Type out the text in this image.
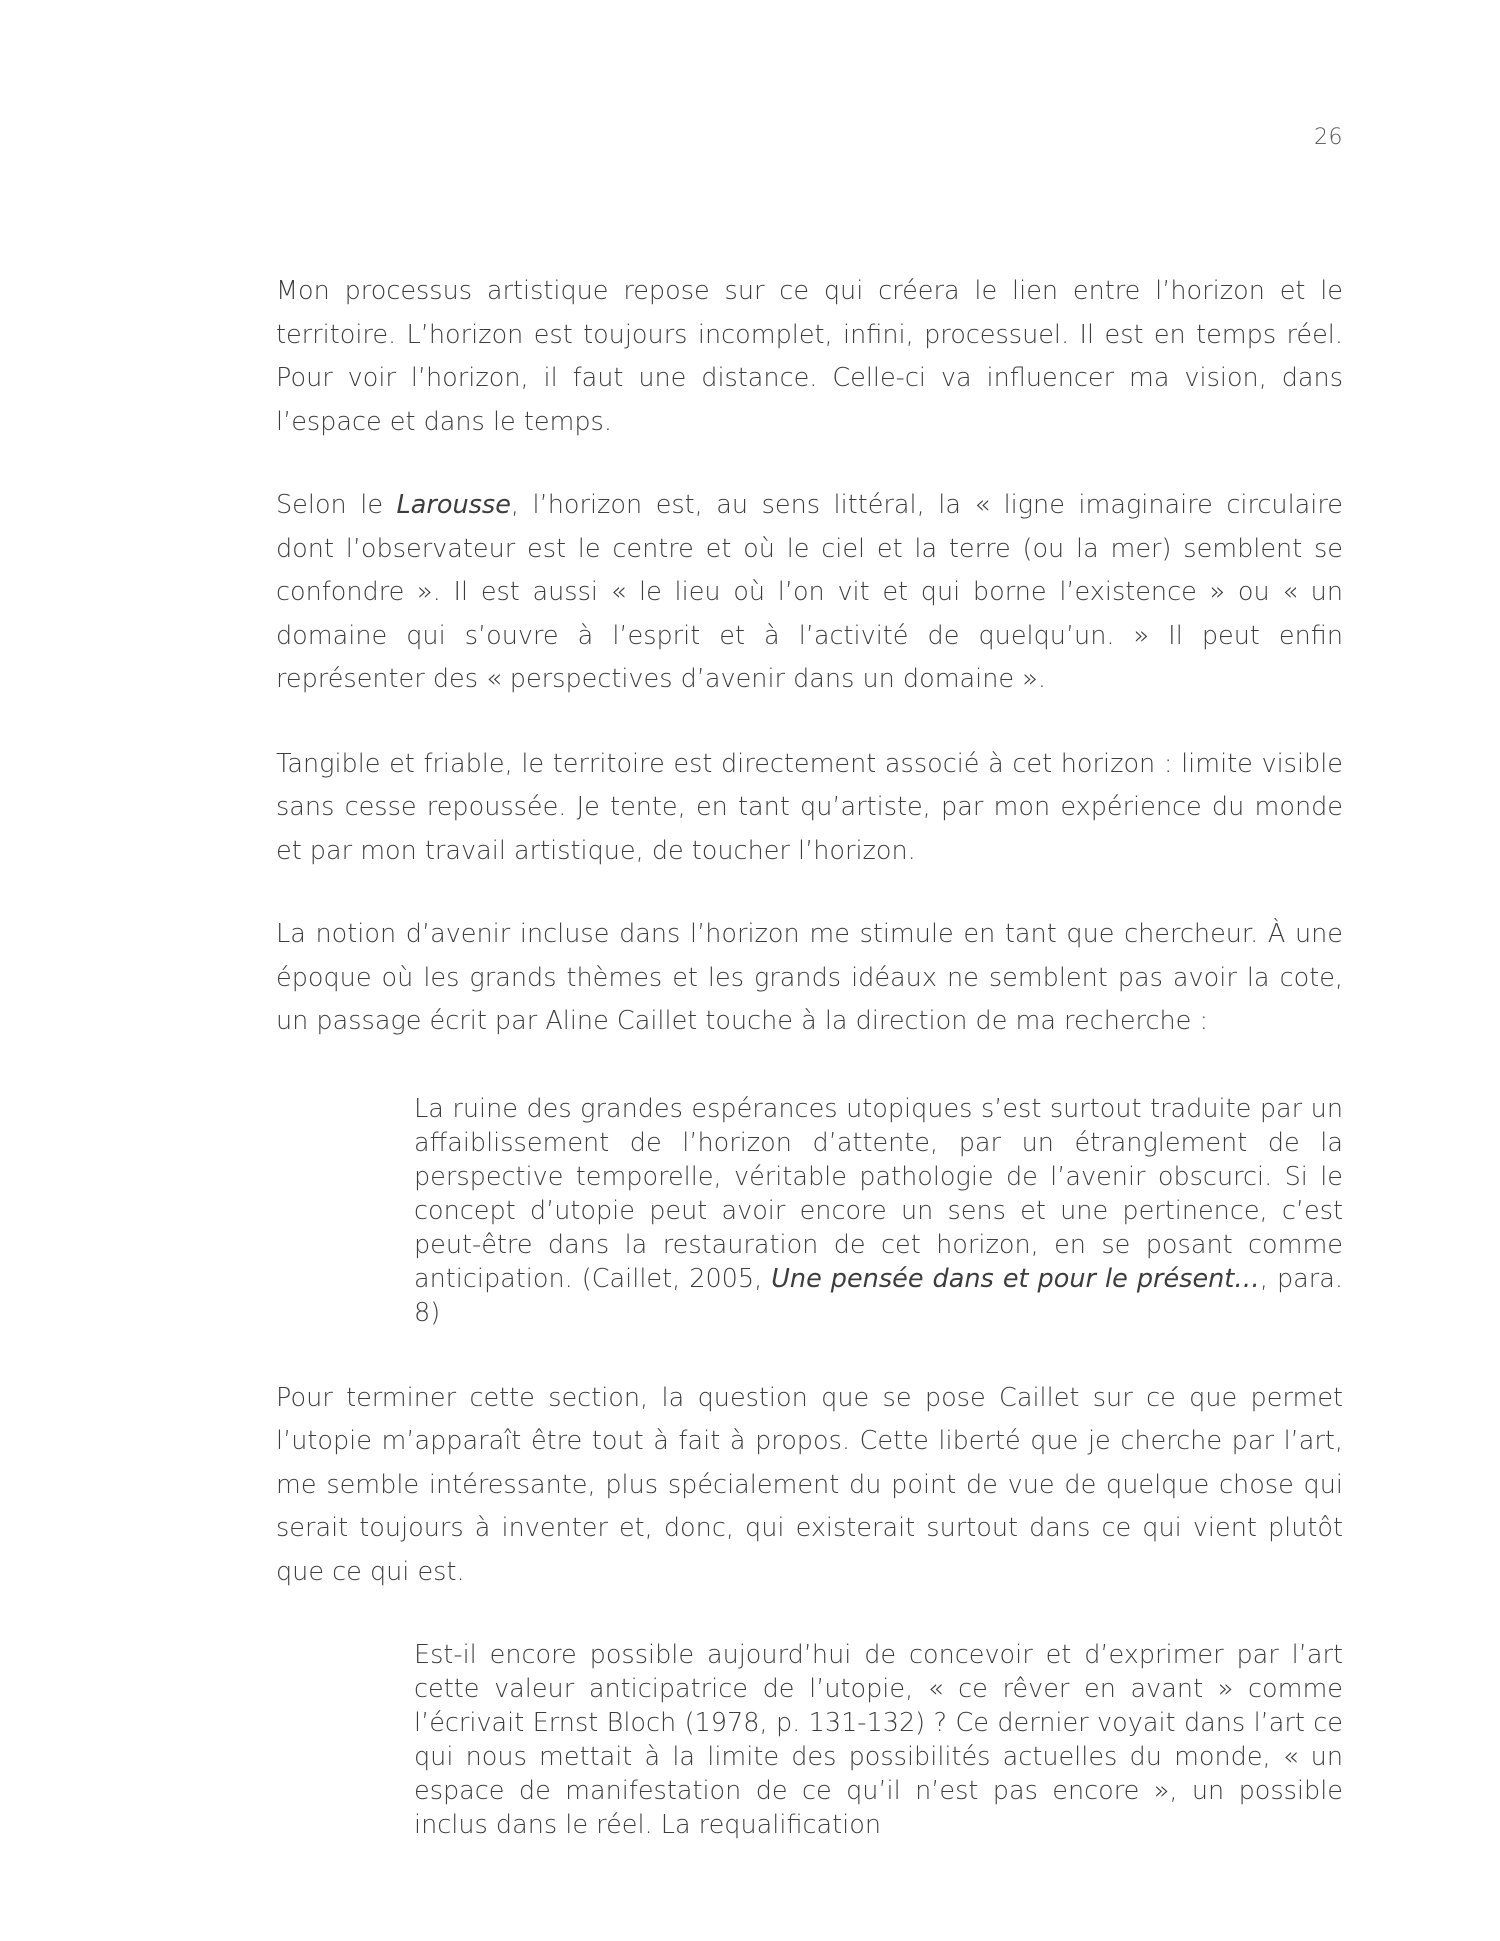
26

Mon processus artistique repose sur ce qui créera le lien entre l’horizon et le territoire. L’horizon est toujours incomplet, infini, processuel. Il est en temps réel. Pour voir l’horizon, il faut une distance. Celle-ci va influencer ma vision, dans l’espace et dans le temps.

Selon le Larousse, l’horizon est, au sens littéral, la « ligne imaginaire circulaire dont l’observateur est le centre et où le ciel et la terre (ou la mer) semblent se confondre ». Il est aussi « le lieu où l’on vit et qui borne l’existence » ou « un domaine qui s’ouvre à l’esprit et à l’activité de quelqu’un. » Il peut enfin représenter des « perspectives d’avenir dans un domaine ».

Tangible et friable, le territoire est directement associé à cet horizon : limite visible sans cesse repoussée. Je tente, en tant qu’artiste, par mon expérience du monde et par mon travail artistique, de toucher l’horizon.

La notion d’avenir incluse dans l’horizon me stimule en tant que chercheur. À une époque où les grands thèmes et les grands idéaux ne semblent pas avoir la cote, un passage écrit par Aline Caillet touche à la direction de ma recherche :

La ruine des grandes espérances utopiques s’est surtout traduite par un affaiblissement de l’horizon d’attente, par un étranglement de la perspective temporelle, véritable pathologie de l’avenir obscurci. Si le concept d’utopie peut avoir encore un sens et une pertinence, c’est peut-être dans la restauration de cet horizon, en se posant comme anticipation. (Caillet, 2005, Une pensée dans et pour le présent…, para. 8)

Pour terminer cette section, la question que se pose Caillet sur ce que permet l’utopie m’apparaît être tout à fait à propos. Cette liberté que je cherche par l’art, me semble intéressante, plus spécialement du point de vue de quelque chose qui serait toujours à inventer et, donc, qui existerait surtout dans ce qui vient plutôt que ce qui est.

Est-il encore possible aujourd’hui de concevoir et d’exprimer par l’art cette valeur anticipatrice de l’utopie, « ce rêver en avant » comme l’écrivait Ernst Bloch (1978, p. 131-132) ? Ce dernier voyait dans l’art ce qui nous mettait à la limite des possibilités actuelles du monde, « un espace de manifestation de ce qu’il n’est pas encore », un possible inclus dans le réel. La requalification
